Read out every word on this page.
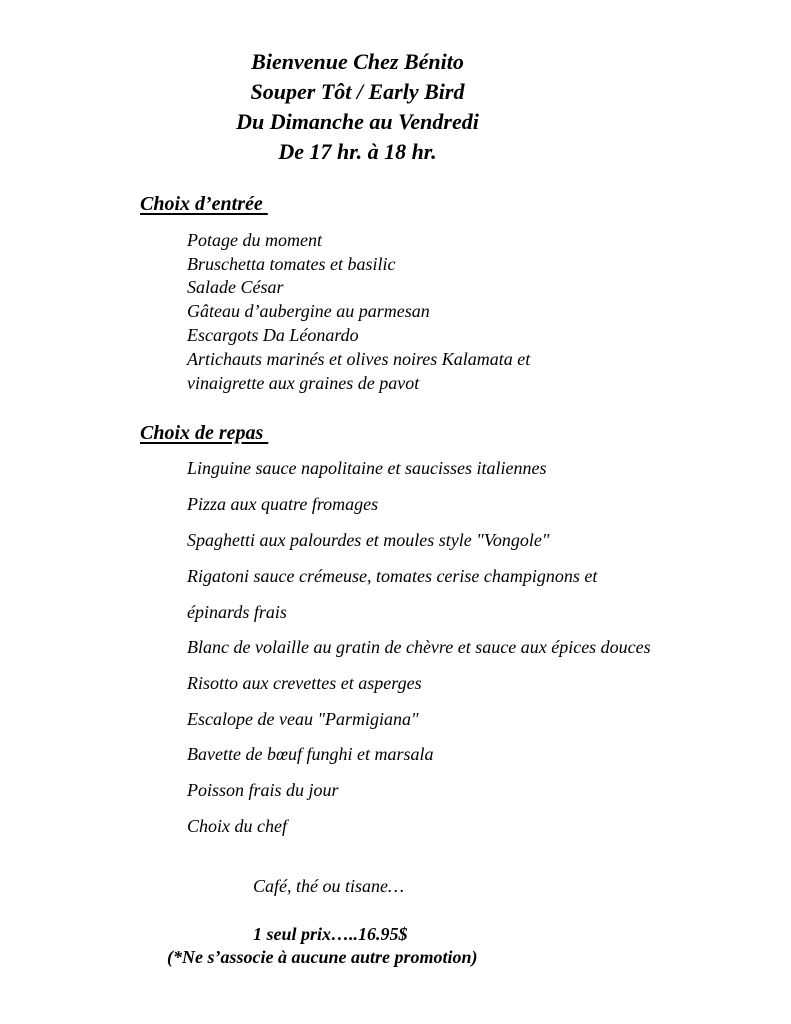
Bienvenue Chez Bénito
Souper Tôt / Early Bird
Du Dimanche au Vendredi
De 17 hr. à 18 hr.
Choix d’entrée
Potage du moment
Bruschetta tomates et basilic
Salade César
Gâteau d’aubergine au parmesan
Escargots Da Léonardo
Artichauts marinés et olives noires Kalamata et
vinaigrette aux graines de pavot
Choix de repas
Linguine sauce napolitaine et saucisses italiennes
Pizza aux quatre fromages
Spaghetti aux palourdes et moules style "Vongole"
Rigatoni sauce crémeuse, tomates cerise champignons et
épinards frais
Blanc de volaille au gratin de chèvre et sauce aux épices douces
Risotto aux crevettes et asperges
Escalope de veau "Parmigiana"
Bavette de bœuf funghi et marsala
Poisson frais du jour
Choix du chef
Café, thé ou tisane…
1 seul prix…..16.95$
(*Ne s’associe à aucune autre promotion)
